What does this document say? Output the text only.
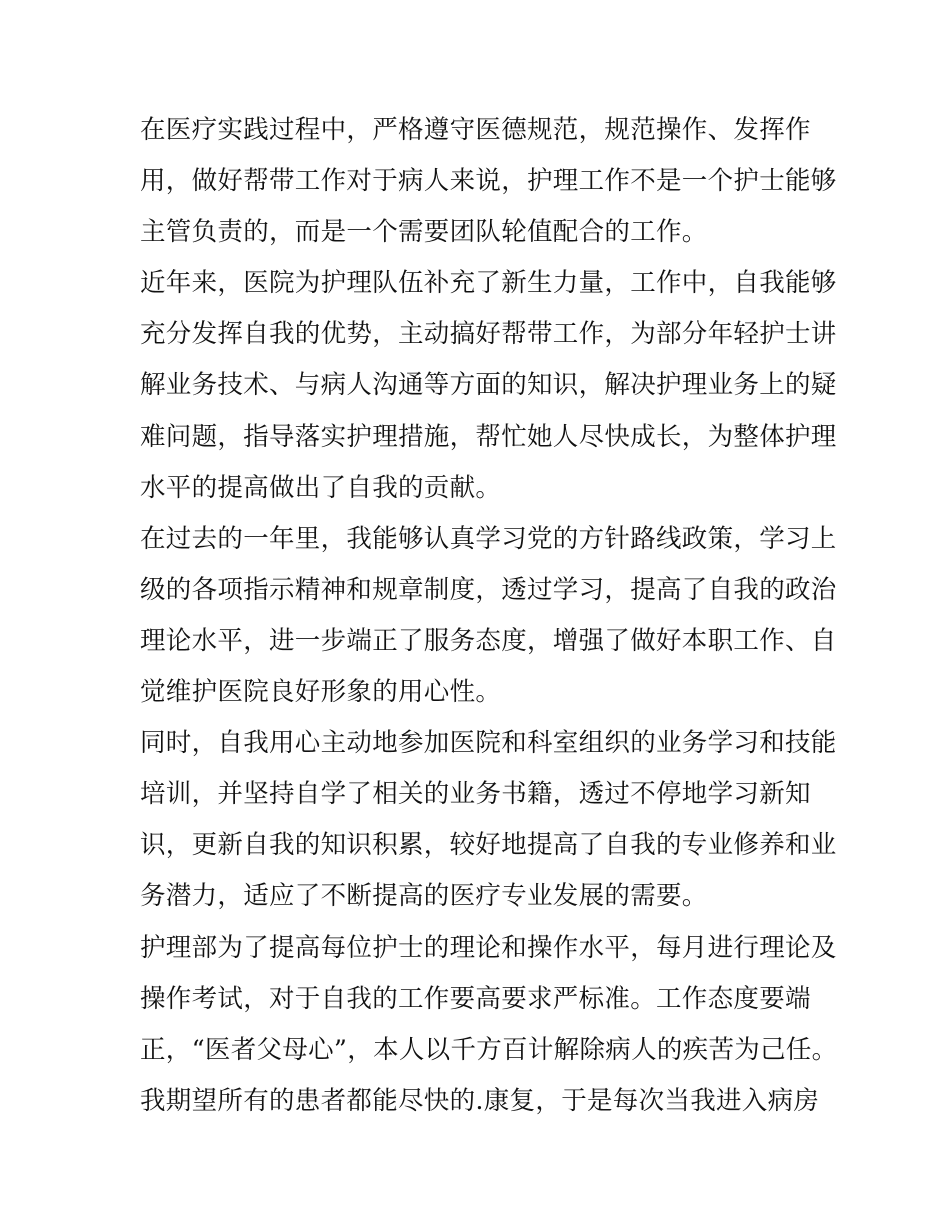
在医疗实践过程中，严格遵守医德规范，规范操作、发挥作
用，做好帮带工作对于病人来说，护理工作不是一个护士能够
主管负责的，而是一个需要团队轮值配合的工作。
近年来，医院为护理队伍补充了新生力量，工作中，自我能够
充分发挥自我的优势，主动搞好帮带工作，为部分年轻护士讲
解业务技术、与病人沟通等方面的知识，解决护理业务上的疑
难问题，指导落实护理措施，帮忙她人尽快成长，为整体护理
水平的提高做出了自我的贡献。
在过去的一年里，我能够认真学习党的方针路线政策，学习上
级的各项指示精神和规章制度，透过学习，提高了自我的政治
理论水平，进一步端正了服务态度，增强了做好本职工作、自
觉维护医院良好形象的用心性。
同时，自我用心主动地参加医院和科室组织的业务学习和技能
培训，并坚持自学了相关的业务书籍，透过不停地学习新知
识，更新自我的知识积累，较好地提高了自我的专业修养和业
务潜力，适应了不断提高的医疗专业发展的需要。
护理部为了提高每位护士的理论和操作水平，每月进行理论及
操作考试，对于自我的工作要高要求严标准。工作态度要端
正，“医者父母心”，本人以千方百计解除病人的疾苦为己任。
我期望所有的患者都能尽快的.康复，于是每次当我进入病房
